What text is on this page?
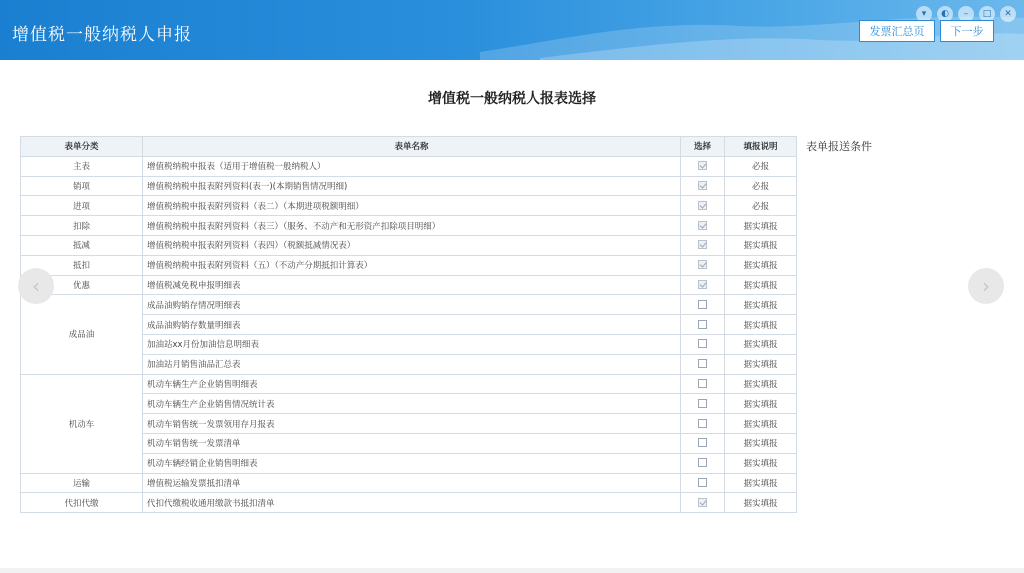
增值税一般纳税人申报
▾	◐	–	□	✕
发票汇总页	下一步
增值税一般纳税人报表选择
表单分类	表单名称	选择	填报说明
主表	增值税纳税申报表（适用于增值税一般纳税人）		必报
销项	增值税纳税申报表附列资料(表一)(本期销售情况明细)		必报
进项	增值税纳税申报表附列资料（表二）（本期进项税额明细）		必报
扣除	增值税纳税申报表附列资料（表三）（服务、不动产和无形资产扣除项目明细）		据实填报
抵减	增值税纳税申报表附列资料（表四）（税额抵减情况表）		据实填报
抵扣	增值税纳税申报表附列资料（五）（不动产分期抵扣计算表）		据实填报
优惠	增值税减免税申报明细表		据实填报
成品油	成品油购销存情况明细表		据实填报
	成品油购销存数量明细表		据实填报
	加油站xx月份加油信息明细表		据实填报
	加油站月销售油品汇总表		据实填报
机动车	机动车辆生产企业销售明细表		据实填报
	机动车辆生产企业销售情况统计表		据实填报
	机动车销售统一发票领用存月报表		据实填报
	机动车销售统一发票清单		据实填报
	机动车辆经销企业销售明细表		据实填报
运输	增值税运输发票抵扣清单		据实填报
代扣代缴	代扣代缴税收通用缴款书抵扣清单		据实填报
表单报送条件
‹	›
